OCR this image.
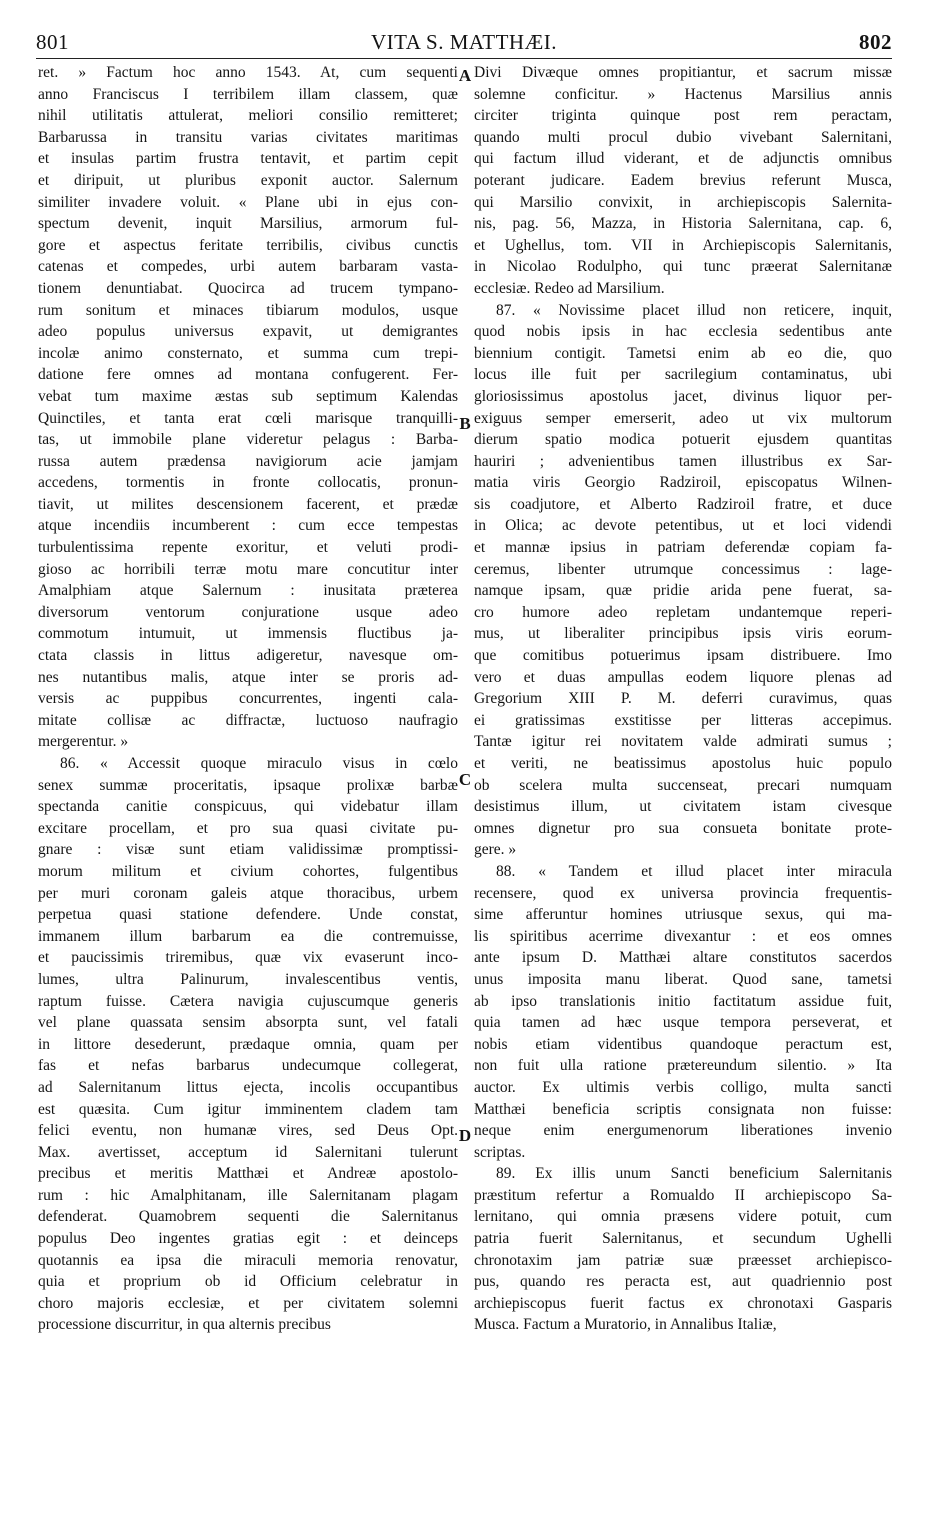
801	VITA S. MATTHÆI.	802
ret. » Factum hoc anno 1543. At, cum sequenti
anno Franciscus I terribilem illam classem, quæ
nihil utilitatis attulerat, meliori consilio remitteret;
Barbarussa in transitu varias civitates maritimas
et insulas partim frustra tentavit, et partim cepit
et diripuit, ut pluribus exponit auctor. Salernum
similiter invadere voluit. « Plane ubi in ejus con-
spectum devenit, inquit Marsilius, armorum ful-
gore et aspectus feritate terribilis, civibus cunctis
catenas et compedes, urbi autem barbaram vasta-
tionem denuntiabat. Quocirca ad trucem tympano-
rum sonitum et minaces tibiarum modulos, usque
adeo populus universus expavit, ut demigrantes
incolæ animo consternato, et summa cum trepi-
datione fere omnes ad montana confugerent. Fer-
vebat tum maxime æstas sub septimum Kalendas
Quinctiles, et tanta erat cœli marisque tranquilli-
tas, ut immobile plane videretur pelagus : Barba-
russa autem prædensa navigiorum acie jamjam
accedens, tormentis in fronte collocatis, pronun-
tiavit, ut milites descensionem facerent, et prædæ
atque incendiis incumberent : cum ecce tempestas
turbulentissima repente exoritur, et veluti prodi-
gioso ac horribili terræ motu mare concutitur inter
Amalphiam atque Salernum : inusitata præterea
diversorum ventorum conjuratione usque adeo
commotum intumuit, ut immensis fluctibus ja-
ctata classis in littus adigeretur, navesque om-
nes nutantibus malis, atque inter se proris ad-
versis ac puppibus concurrentes, ingenti cala-
mitate collisæ ac diffractæ, luctuoso naufragio
mergerentur. »
86. « Accessit quoque miraculo visus in cœlo
senex summæ proceritatis, ipsaque prolixæ barbæ
spectanda canitie conspicuus, qui videbatur illam
excitare procellam, et pro sua quasi civitate pu-
gnare : visæ sunt etiam validissimæ promptissi-
morum militum et civium cohortes, fulgentibus
per muri coronam galeis atque thoracibus, urbem
perpetua quasi statione defendere. Unde constat,
immanem illum barbarum ea die contremuisse,
et paucissimis triremibus, quæ vix evaserunt inco-
lumes, ultra Palinurum, invalescentibus ventis,
raptum fuisse. Cætera navigia cujuscumque generis
vel plane quassata sensim absorpta sunt, vel fatali
in littore desederunt, prædaque omnia, quam per
fas et nefas barbarus undecumque collegerat,
ad Salernitanum littus ejecta, incolis occupantibus
est quæsita. Cum igitur imminentem cladem tam
felici eventu, non humanæ vires, sed Deus Opt.
Max. avertisset, acceptum id Salernitani tulerunt
precibus et meritis Matthæi et Andreæ apostolo-
rum : hic Amalphitanam, ille Salernitanam plagam
defenderat. Quamobrem sequenti die Salernitanus
populus Deo ingentes gratias egit : et deinceps
quotannis ea ipsa die miraculi memoria renovatur,
quia et proprium ob id Officium celebratur in
choro majoris ecclesiæ, et per civitatem solemni
processione discurritur, in qua alternis precibus
Divi Divæque omnes propitiantur, et sacrum missæ
solemne conficitur. » Hactenus Marsilius annis
circiter triginta quinque post rem peractam,
quando multi procul dubio vivebant Salernitani,
qui factum illud viderant, et de adjunctis omnibus
poterant judicare. Eadem brevius referunt Musca,
qui Marsilio convixit, in archiepiscopis Salernita-
nis, pag. 56, Mazza, in Historia Salernitana, cap. 6,
et Ughellus, tom. VII in Archiepiscopis Salernitanis,
in Nicolao Rodulpho, qui tunc præerat Salernitanæ
ecclesiæ. Redeo ad Marsilium.
87. « Novissime placet illud non reticere, inquit,
quod nobis ipsis in hac ecclesia sedentibus ante
biennium contigit. Tametsi enim ab eo die, quo
locus ille fuit per sacrilegium contaminatus, ubi
gloriosissimus apostolus jacet, divinus liquor per-
exiguus semper emerserit, adeo ut vix multorum
dierum spatio modica potuerit ejusdem quantitas
hauriri ; advenientibus tamen illustribus ex Sar-
matia viris Georgio Radziroil, episcopatus Wilnen-
sis coadjutore, et Alberto Radziroil fratre, et duce
in Olica; ac devote petentibus, ut et loci videndi
et mannæ ipsius in patriam deferendæ copiam fa-
ceremus, libenter utrumque concessimus : lage-
namque ipsam, quæ pridie arida pene fuerat, sa-
cro humore adeo repletam undantemque reperi-
mus, ut liberaliter principibus ipsis viris eorum-
que comitibus potuerimus ipsam distribuere. Imo
vero et duas ampullas eodem liquore plenas ad
Gregorium XIII P. M. deferri curavimus, quas
ei gratissimas exstitisse per litteras accepimus.
Tantæ igitur rei novitatem valde admirati sumus ;
et veriti, ne beatissimus apostolus huic populo
ob scelera multa succenseat, precari numquam
desistimus illum, ut civitatem istam civesque
omnes dignetur pro sua consueta bonitate prote-
gere. »
88. « Tandem et illud placet inter miracula
recensere, quod ex universa provincia frequentis-
sime afferuntur homines utriusque sexus, qui ma-
lis spiritibus acerrime divexantur : et eos omnes
ante ipsum D. Matthæi altare constitutos sacerdos
unus imposita manu liberat. Quod sane, tametsi
ab ipso translationis initio factitatum assidue fuit,
quia tamen ad hæc usque tempora perseverat, et
nobis etiam videntibus quandoque peractum est,
non fuit ulla ratione prætereundum silentio. » Ita
auctor. Ex ultimis verbis colligo, multa sancti
Matthæi beneficia scriptis consignata non fuisse:
neque enim energumenorum liberationes invenio
scriptas.
89. Ex illis unum Sancti beneficium Salernitanis
præstitum refertur a Romualdo II archiepiscopo Sa-
lernitano, qui omnia præsens videre potuit, cum
patria fuerit Salernitanus, et secundum Ughelli
chronotaxim jam patriæ suæ præesset archiepisco-
pus, quando res peracta est, aut quadriennio post
archiepiscopus fuerit factus ex chronotaxi Gasparis
Musca. Factum a Muratorio, in Annalibus Italiæ,
A
B
C
D
